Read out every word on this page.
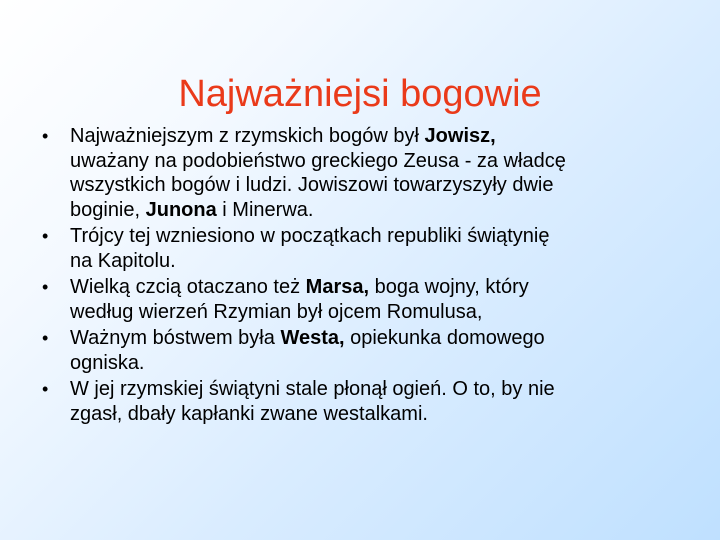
Najważniejsi bogowie
•	Najważniejszym z rzymskich bogów był Jowisz,
uważany na podobieństwo greckiego Zeusa - za władcę
wszystkich bogów i ludzi. Jowiszowi towarzyszyły dwie
boginie, Junona i Minerwa.
•	Trójcy tej wzniesiono w początkach republiki świątynię
na Kapitolu.
•	Wielką czcią otaczano też Marsa, boga wojny, który
według wierzeń Rzymian był ojcem Romulusa,
•	Ważnym bóstwem była Westa, opiekunka domowego
ogniska.
•	W jej rzymskiej świątyni stale płonął ogień. O to, by nie
zgasł, dbały kapłanki zwane westalkami.
